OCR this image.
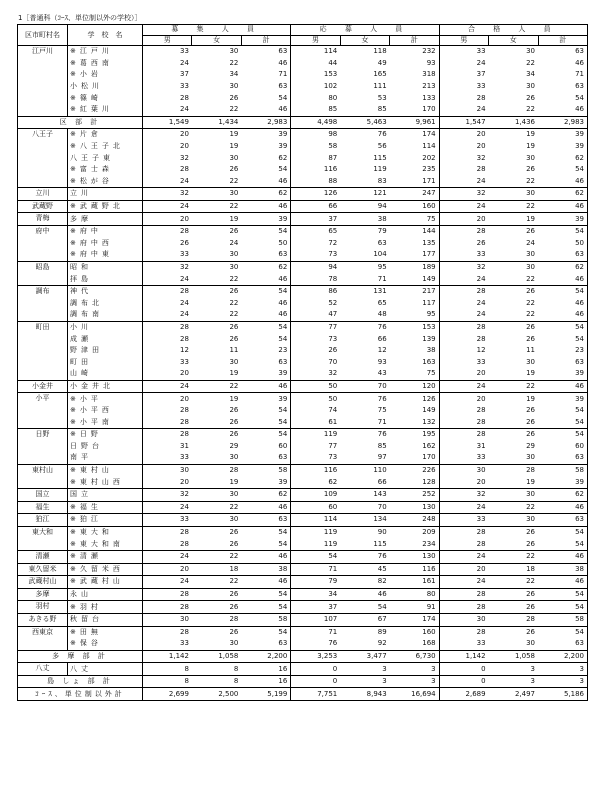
1［普通科（ｺｰｽ、単位制以外の学校）］
区市町村名	学　校　名	募 集 人 員			応 募 人 員			合 格 人 員		
		男	女	計	男	女	計	男	女	計
江戸川	※江戸川	33	30	63	114	118	232	33	30	63
	※葛西南	24	22	46	44	49	93	24	22	46
	※小岩	37	34	71	153	165	318	37	34	71
	小松川	33	30	63	102	111	213	33	30	63
	※篠崎	28	26	54	80	53	133	28	26	54
	※紅葉川	24	22	46	85	85	170	24	22	46
区 部 計		1,549	1,434	2,983	4,498	5,463	9,961	1,547	1,436	2,983
八王子	※片倉	20	19	39	98	76	174	20	19	39
	※八王子北	20	19	39	58	56	114	20	19	39
	八王子東	32	30	62	87	115	202	32	30	62
	※富士森	28	26	54	116	119	235	28	26	54
	※松が谷	24	22	46	88	83	171	24	22	46
立川	立川	32	30	62	126	121	247	32	30	62
武蔵野	※武蔵野北	24	22	46	66	94	160	24	22	46
青梅	多摩	20	19	39	37	38	75	20	19	39
府中	※府中	28	26	54	65	79	144	28	26	54
	※府中西	26	24	50	72	63	135	26	24	50
	※府中東	33	30	63	73	104	177	33	30	63
昭島	昭和	32	30	62	94	95	189	32	30	62
	拝島	24	22	46	78	71	149	24	22	46
調布	神代	28	26	54	86	131	217	28	26	54
	調布北	24	22	46	52	65	117	24	22	46
	調布南	24	22	46	47	48	95	24	22	46
町田	小川	28	26	54	77	76	153	28	26	54
	成瀬	28	26	54	73	66	139	28	26	54
	野津田	12	11	23	26	12	38	12	11	23
	町田	33	30	63	70	93	163	33	30	63
	山崎	20	19	39	32	43	75	20	19	39
小金井	小金井北	24	22	46	50	70	120	24	22	46
小平	※小平	20	19	39	50	76	126	20	19	39
	※小平西	28	26	54	74	75	149	28	26	54
	※小平南	28	26	54	61	71	132	28	26	54
日野	※日野	28	26	54	119	76	195	28	26	54
	日野台	31	29	60	77	85	162	31	29	60
	南平	33	30	63	73	97	170	33	30	63
東村山	※東村山	30	28	58	116	110	226	30	28	58
	※東村山西	20	19	39	62	66	128	20	19	39
国立	国立	32	30	62	109	143	252	32	30	62
福生	※福生	24	22	46	60	70	130	24	22	46
狛江	※狛江	33	30	63	114	134	248	33	30	63
東大和	※東大和	28	26	54	119	90	209	28	26	54
	※東大和南	28	26	54	119	115	234	28	26	54
清瀬	※清瀬	24	22	46	54	76	130	24	22	46
東久留米	※久留米西	20	18	38	71	45	116	20	18	38
武蔵村山	※武蔵村山	24	22	46	79	82	161	24	22	46
多摩	永山	28	26	54	34	46	80	28	26	54
羽村	※羽村	28	26	54	37	54	91	28	26	54
あきる野	秋留台	30	28	58	107	67	174	30	28	58
西東京	※田無	28	26	54	71	89	160	28	26	54
	※保谷	33	30	63	76	92	168	33	30	63
多 摩 部 計		1,142	1,058	2,200	3,253	3,477	6,730	1,142	1,058	2,200
八丈	八丈	8	8	16	0	3	3	0	3	3
島 しょ 部 計		8	8	16	0	3	3	0	3	3
ｺｰｽ、単位制以外計		2,699	2,500	5,199	7,751	8,943	16,694	2,689	2,497	5,186
